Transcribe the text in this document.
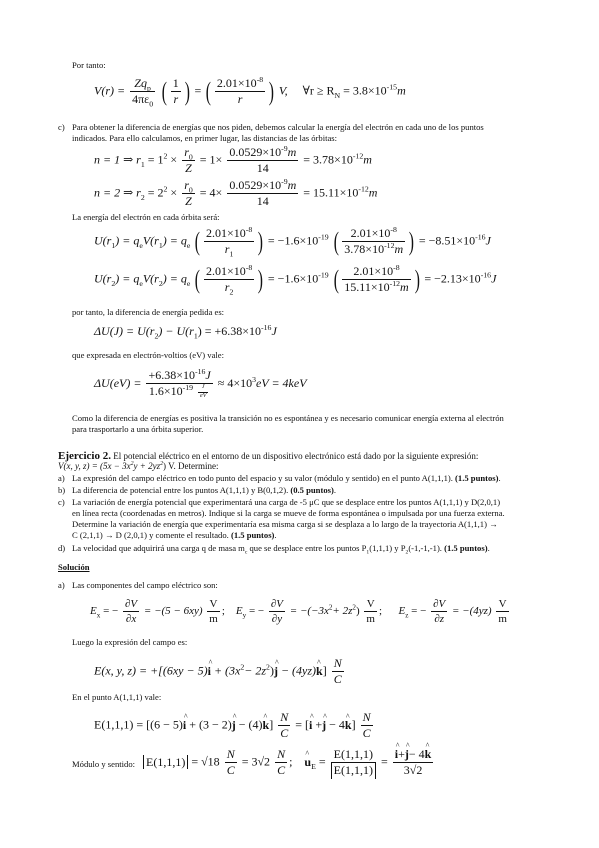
Por tanto:
$V(r) = \frac{Zq_p}{4\pi\varepsilon_0}$ ( $\frac{1}{r}$ ) = ( $\frac{2.01\times 10^{-8}}{r}$ ) V, ∀r ≥ $R_N = 3.8\times 10^{-15}m$
c) Para obtener la diferencia de energías que nos piden, debemos calcular la energía del electrón en cada uno de los puntos
indicados. Para ello calculamos, en primer lugar, las distancias de las órbitas:
n = 1 ⇒ $r_1 = 1^2 \times \frac{r_0}{Z} = 1\times \frac{0.0529\times 10^{-9}m}{14} = 3.78\times 10^{-12}m$
n = 2 ⇒ $r_2 = 2^2 \times \frac{r_0}{Z} = 4\times \frac{0.0529\times 10^{-9}m}{14} = 15.11\times 10^{-12}m$
La energía del electrón en cada órbita será:
$U(r_1) = q_eV(r_1) = q_e$ ( $\frac{2.01\times 10^{-8}}{r_1}$ ) = $-1.6\times 10^{-19}$ ( $\frac{2.01\times 10^{-8}}{3.78\times 10^{-12}m}$ ) = $-8.51\times 10^{-16}J$
$U(r_2) = q_eV(r_2) = q_e$ ( $\frac{2.01\times 10^{-8}}{r_2}$ ) = $-1.6\times 10^{-19}$ ( $\frac{2.01\times 10^{-8}}{15.11\times 10^{-12}m}$ ) = $-2.13\times 10^{-16}J$
por tanto, la diferencia de energía pedida es:
$\Delta U(J) = U(r_2) - U(r_1) = +6.38\times 10^{-16}J$
que expresada en electrón-voltios (eV) vale:
$\Delta U(eV) = \frac{+6.38\times 10^{-16}J}{1.6\times 10^{-19} \frac{J}{eV}} \approx 4\times 10^3eV = 4keV$
Como la diferencia de energías es positiva la transición no es espontánea y es necesario comunicar energía externa al electrón
para trasportarlo a una órbita superior.
Ejercicio 2. El potencial eléctrico en el entorno de un dispositivo electrónico está dado por la siguiente expresión:
V(x, y, $z) = (5x - 3x^2y + 2yz^2)$ V. Determine:
a) La expresión del campo eléctrico en todo punto del espacio y su valor (módulo y sentido) en el punto A(1,1,1). (1.5 puntos).
b) La diferencia de potencial entre los puntos A(1,1,1) y B(0,1,2). (0.5 puntos).
c) La variación de energía potencial que experimentará una carga de -5 μC que se desplace entre los puntos A(1,1,1) y D(2,0,1)
en línea recta (coordenadas en metros). Indique si la carga se mueve de forma espontánea o impulsada por una fuerza externa.
Determine la variación de energía que experimentaría esa misma carga si se desplaza a lo largo de la trayectoria A(1,1,1) →
C (2,1,1) → D (2,0,1) y comente el resultado. (1.5 puntos).
d) La velocidad que adquirirá una carga q de masa $m_c$ que se desplace entre los puntos $P_1(1,1,1)$ y $P_2(-1,-1,-1)$. (1.5 puntos).
Solución
a) Las componentes del campo eléctrico son:
$E_x$ = − $\frac{\partial V}{\partial x} = -(5 - 6xy) \frac{V}{m}$ ; $E_y$ = − $\frac{\partial V}{\partial y} = -(-3x^2+ 2z^2) \frac{V}{m}$ ; $E_z$ = − $\frac{\partial V}{\partial z} = -(4yz) \frac{V}{m}$
Luego la expresión del campo es:
E(x, y, z) = +[(6xy − 5)^ $i + (3x^2-$ $2z^2)\^{}$ j − (4yz)^ $k] \frac{N}{C}$
En el punto A(1,1,1) vale:
E(1,1,1) = [(6 − 5)^ i + (3 − 2)^ j − (4)^ $k] \frac{N}{C}$ = [^ i +^ j − 4^ $k] \frac{N}{C}$
Módulo y sentido: $E(1,1,1) = √18 \frac{N}{C} = 3√2 \frac{N}{C}$ ; ^ $u_E = \frac{E(1,1,1)}{E(1,1,1)}$ = ^ $\frac{i+\^{} j- 4\^{} k}{3√2}$
